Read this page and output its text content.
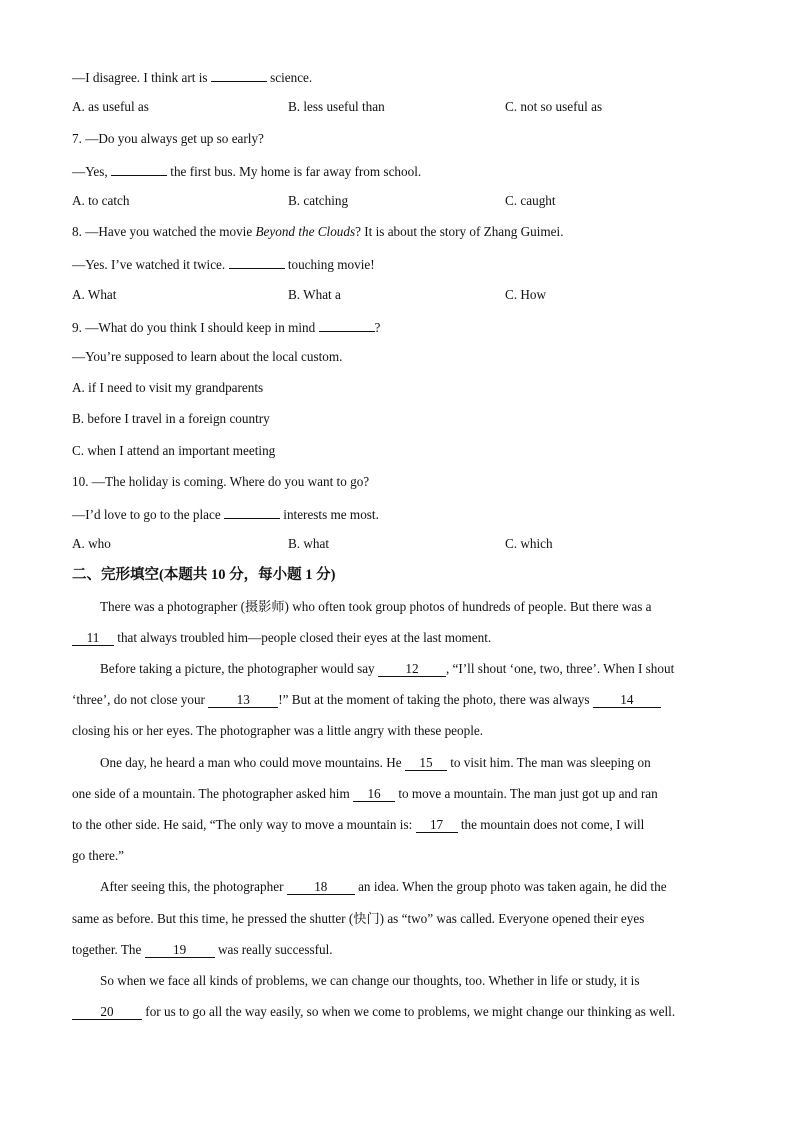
—I disagree. I think art is	science.
A. as useful as	B. less useful than	C. not so useful as
7. —Do you always get up so early?
—Yes,	the first bus. My home is far away from school.
A. to catch	B. catching	C. caught
8. —Have you watched the movie Beyond the Clouds? It is about the story of Zhang Guimei.
—Yes. I’ve watched it twice.	touching movie!
A. What	B. What a	C. How
9. —What do you think I should keep in mind	?
—You’re supposed to learn about the local custom.
A. if I need to visit my grandparents
B. before I travel in a foreign country
C. when I attend an important meeting
10. —The holiday is coming. Where do you want to go?
—I’d love to go to the place	interests me most.
A. who	B. what	C. which
二、完形填空(本题共 10 分，每小题 1 分)
There was a photographer (摄影师) who often took group photos of hundreds of people. But there was a
11 that always troubled him—people closed their eyes at the last moment.
Before taking a picture, the photographer would say 12 , “I’ll shout ‘one, two, three’. When I shout
‘three’, do not close your 13 !” But at the moment of taking the photo, there was always 14
closing his or her eyes. The photographer was a little angry with these people.
One day, he heard a man who could move mountains. He 15 to visit him. The man was sleeping on
one side of a mountain. The photographer asked him 16 to move a mountain. The man just got up and ran
to the other side. He said, “The only way to move a mountain is: 17 the mountain does not come, I will
go there.”
After seeing this, the photographer 18 an idea. When the group photo was taken again, he did the
same as before. But this time, he pressed the shutter (快门) as “two” was called. Everyone opened their eyes
together. The 19 was really successful.
So when we face all kinds of problems, we can change our thoughts, too. Whether in life or study, it is
20 for us to go all the way easily, so when we come to problems, we might change our thinking as well.
